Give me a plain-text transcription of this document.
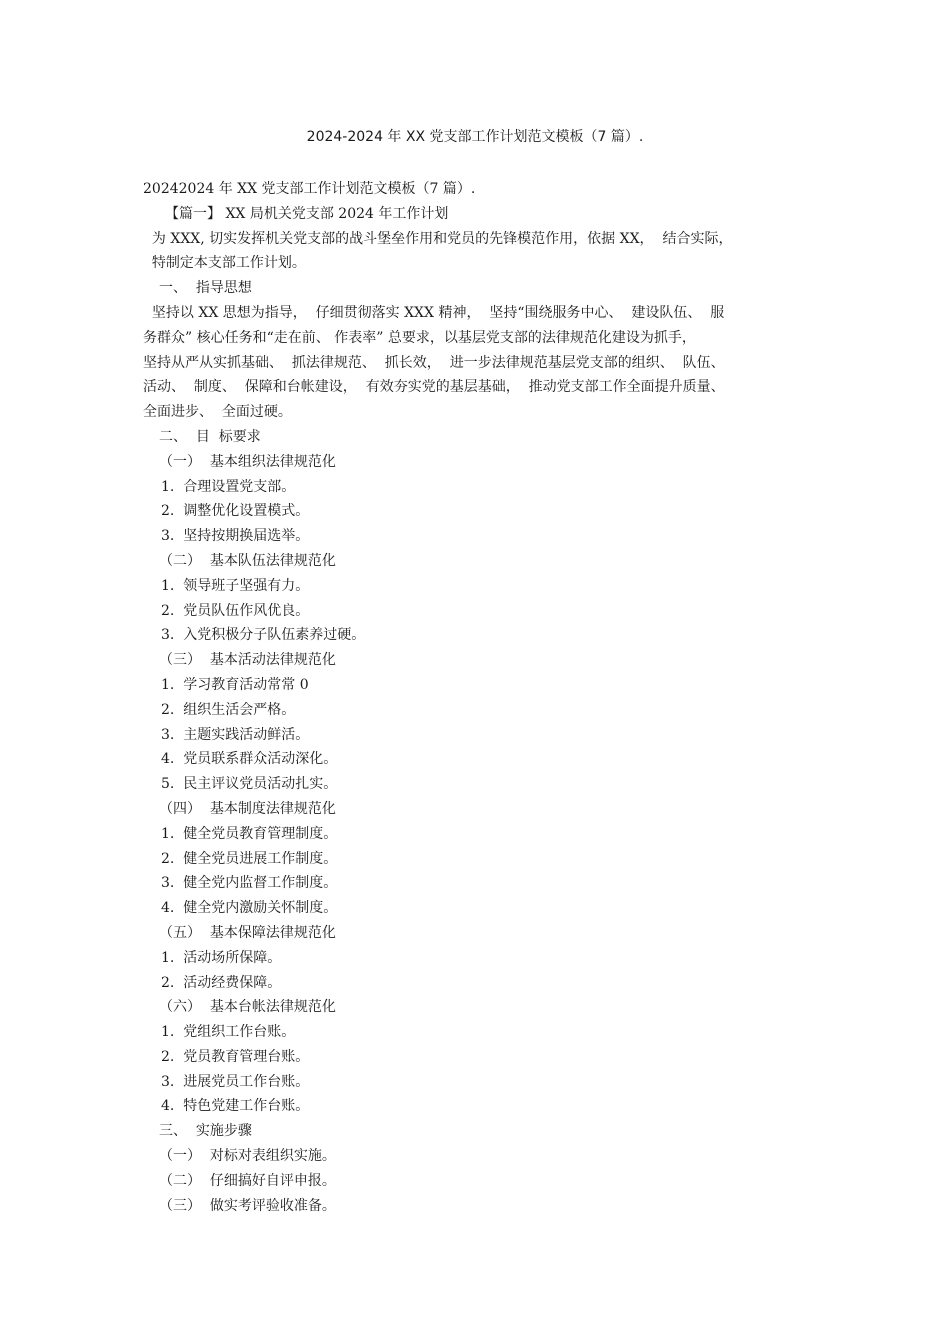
2024-2024 年 XX 党支部工作计划范文模板（7 篇）.
20242024 年 XX 党支部工作计划范文模板（7 篇）.
【篇一】 XX 局机关党支部 2024 年工作计划
为 XXX, 切实发挥机关党支部的战斗堡垒作用和党员的先锋模范作用，依据 XX，  结合实际，
特制定本支部工作计划。
一、  指导思想
坚持以 XX 思想为指导，  仔细贯彻落实 XXX 精神，  坚持“围绕服务中心、  建设队伍、  服
务群众” 核心任务和“走在前、 作表率” 总要求，以基层党支部的法律规范化建设为抓手，
坚持从严从实抓基础、  抓法律规范、  抓长效，  进一步法律规范基层党支部的组织、  队伍、
活动、  制度、  保障和台帐建设，  有效夯实党的基层基础，  推动党支部工作全面提升质量、
全面进步、  全面过硬。
二、  目  标要求
（一）  基本组织法律规范化
1.  合理设置党支部。
2.  调整优化设置模式。
3.  坚持按期换届选举。
（二）  基本队伍法律规范化
1.  领导班子坚强有力。
2.  党员队伍作风优良。
3.  入党积极分子队伍素养过硬。
（三）  基本活动法律规范化
1.  学习教育活动常常 0
2.  组织生活会严格。
3.  主题实践活动鲜活。
4.  党员联系群众活动深化。
5.  民主评议党员活动扎实。
（四）  基本制度法律规范化
1.  健全党员教育管理制度。
2.  健全党员进展工作制度。
3.  健全党内监督工作制度。
4.  健全党内激励关怀制度。
（五）  基本保障法律规范化
1.  活动场所保障。
2.  活动经费保障。
（六）  基本台帐法律规范化
1.  党组织工作台账。
2.  党员教育管理台账。
3.  进展党员工作台账。
4.  特色党建工作台账。
三、  实施步骤
（一）  对标对表组织实施。
（二）  仔细搞好自评申报。
（三）  做实考评验收准备。
